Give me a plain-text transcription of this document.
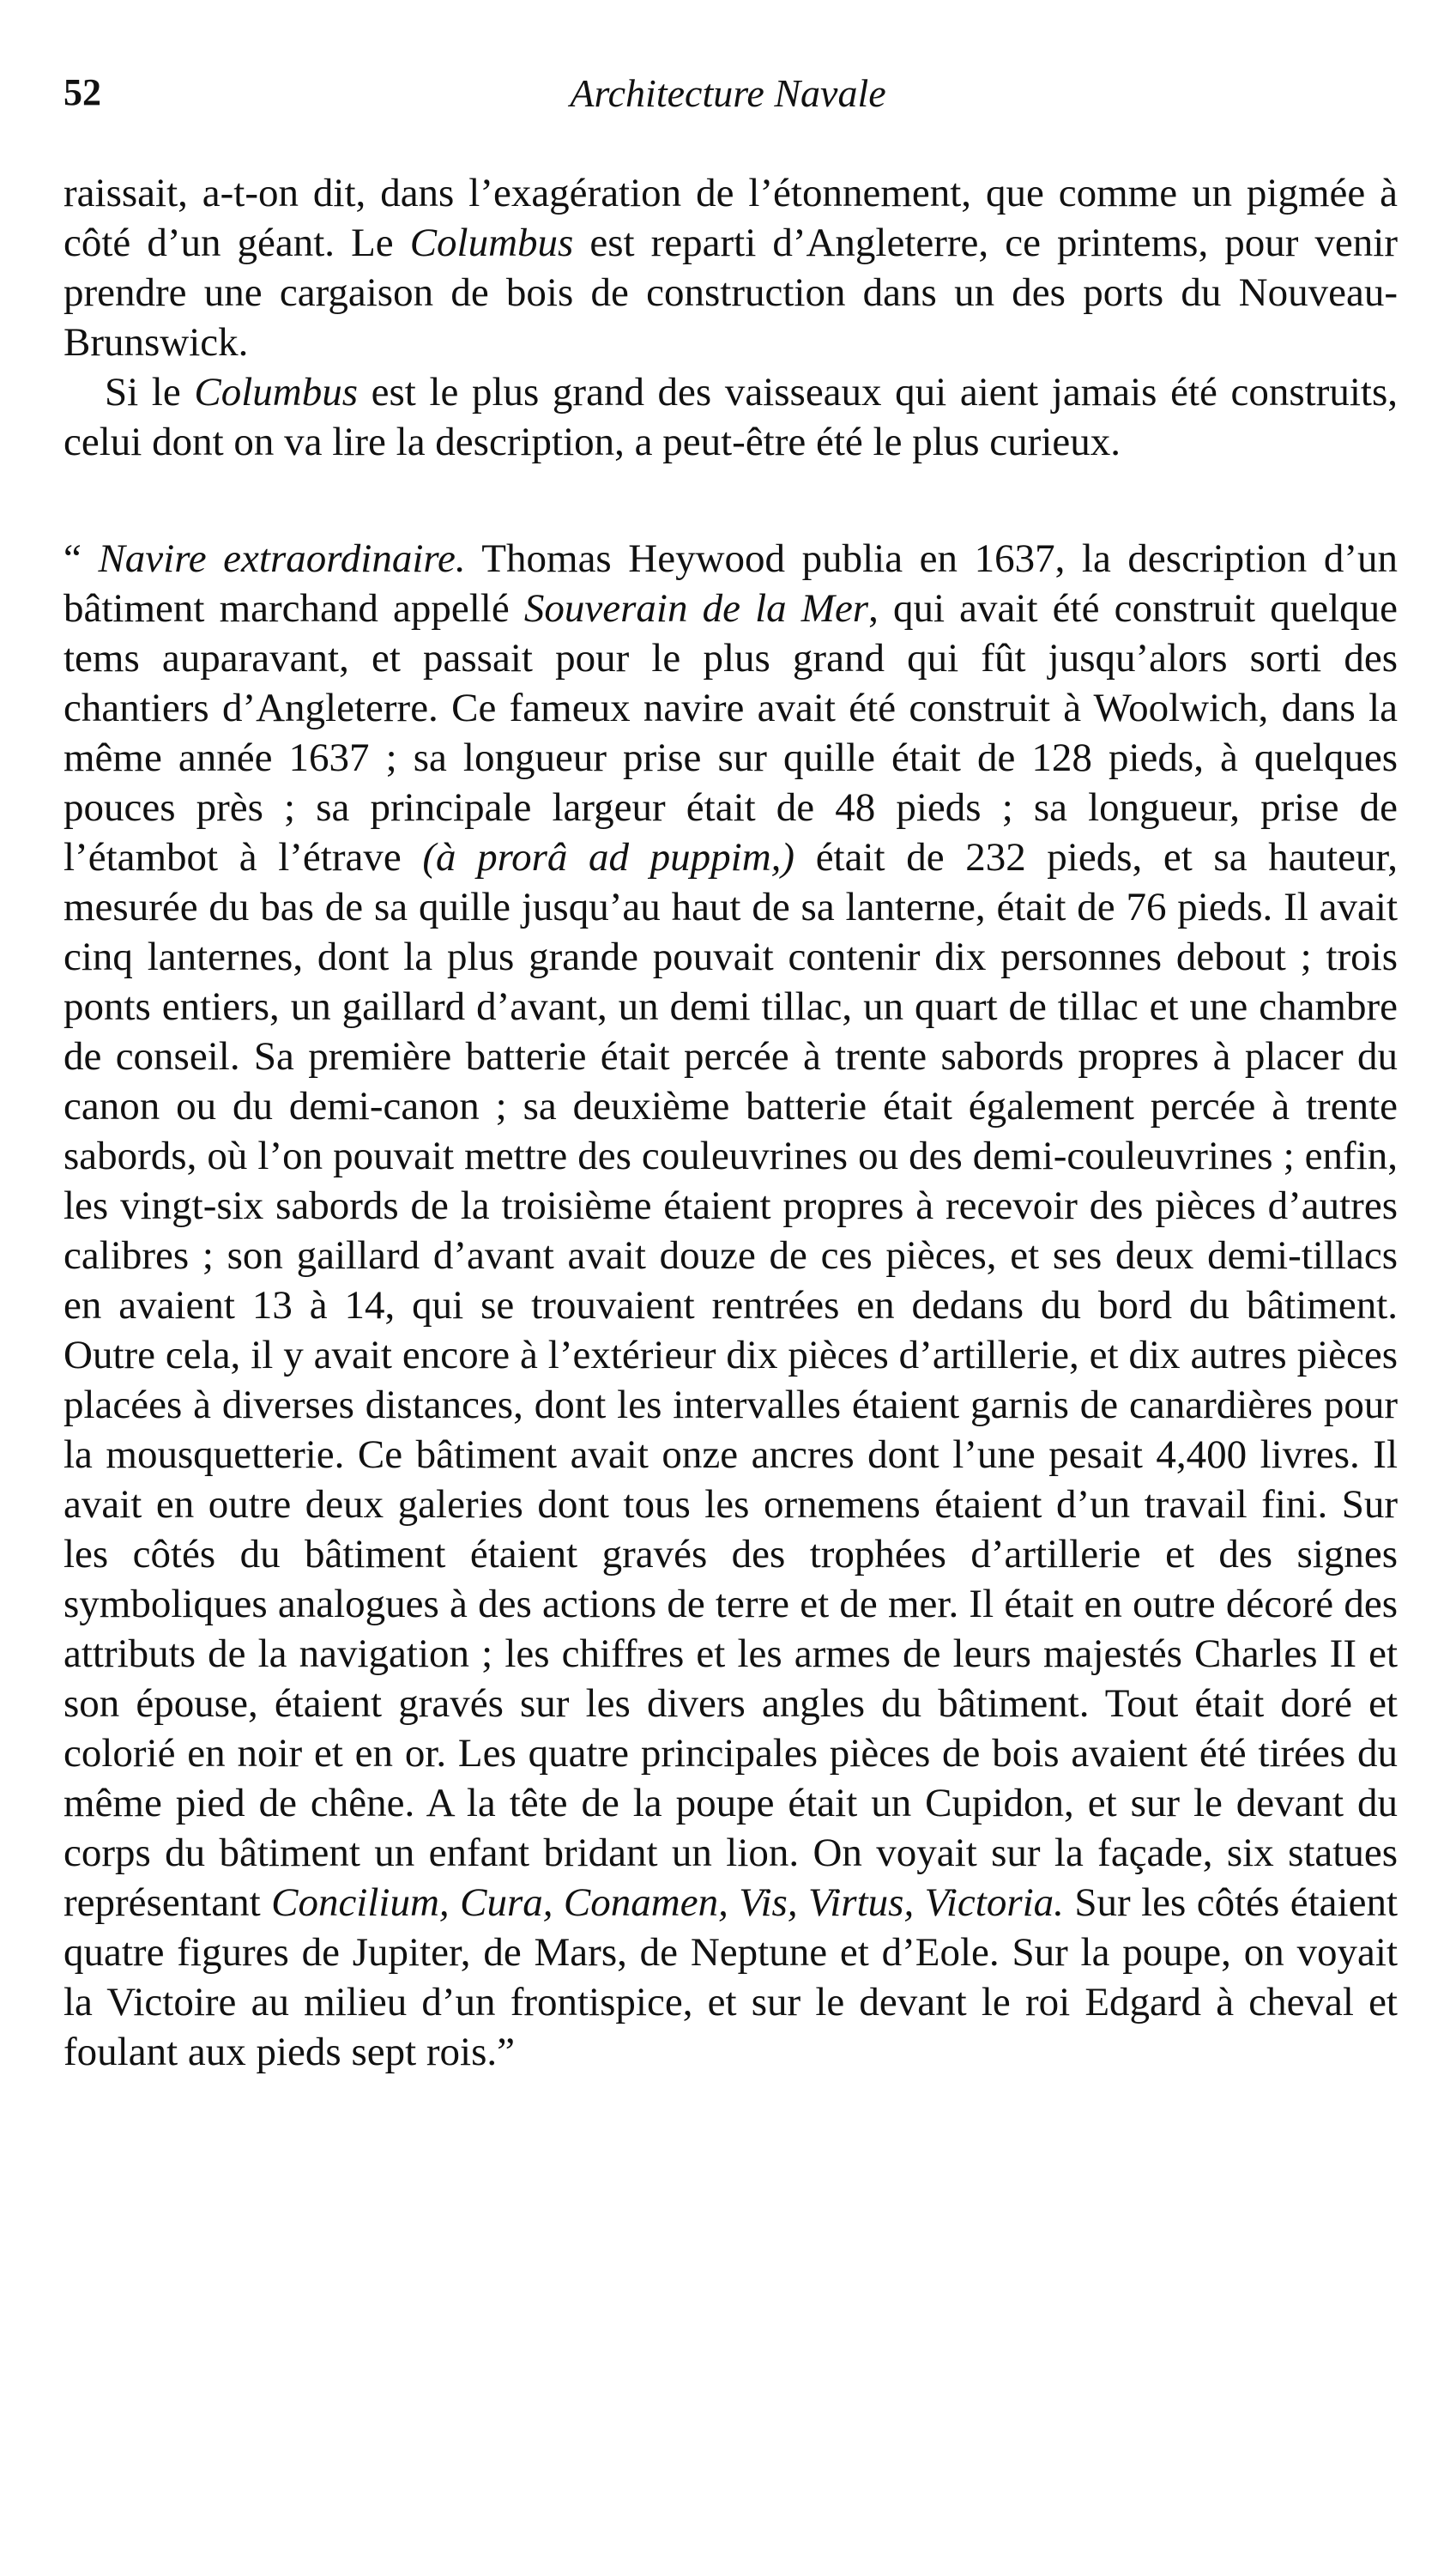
52	Architecture Navale

raissait, a-t-on dit, dans l’exagération de l’étonnement, que comme un pigmée à côté d’un géant. Le Columbus est reparti d’Angleterre, ce printems, pour venir prendre une cargaison de bois de construction dans un des ports du Nouveau-Brunswick.

Si le Columbus est le plus grand des vaisseaux qui aient jamais été construits, celui dont on va lire la description, a peut-être été le plus curieux.

“ Navire extraordinaire. Thomas Heywood publia en 1637, la description d’un bâtiment marchand appellé Souverain de la Mer, qui avait été construit quelque tems auparavant, et passait pour le plus grand qui fût jusqu’alors sorti des chantiers d’Angleterre. Ce fameux navire avait été construit à Woolwich, dans la même année 1637 ; sa longueur prise sur quille était de 128 pieds, à quelques pouces près ; sa principale largeur était de 48 pieds ; sa longueur, prise de l’étambot à l’étrave (à prorâ ad puppim,) était de 232 pieds, et sa hauteur, mesurée du bas de sa quille jusqu’au haut de sa lanterne, était de 76 pieds. Il avait cinq lanternes, dont la plus grande pouvait contenir dix personnes debout ; trois ponts entiers, un gaillard d’avant, un demi tillac, un quart de tillac et une chambre de conseil. Sa première batterie était percée à trente sabords propres à placer du canon ou du demi-canon ; sa deuxième batterie était également percée à trente sabords, où l’on pouvait mettre des couleuvrines ou des demi-couleuvrines ; enfin, les vingt-six sabords de la troisième étaient propres à recevoir des pièces d’autres calibres ; son gaillard d’avant avait douze de ces pièces, et ses deux demi-tillacs en avaient 13 à 14, qui se trouvaient rentrées en dedans du bord du bâtiment. Outre cela, il y avait encore à l’extérieur dix pièces d’artillerie, et dix autres pièces placées à diverses distances, dont les intervalles étaient garnis de canardières pour la mousquetterie. Ce bâtiment avait onze ancres dont l’une pesait 4,400 livres. Il avait en outre deux galeries dont tous les ornemens étaient d’un travail fini. Sur les côtés du bâtiment étaient gravés des trophées d’artillerie et des signes symboliques analogues à des actions de terre et de mer. Il était en outre décoré des attributs de la navigation ; les chiffres et les armes de leurs majestés Charles II et son épouse, étaient gravés sur les divers angles du bâtiment. Tout était doré et colorié en noir et en or. Les quatre principales pièces de bois avaient été tirées du même pied de chêne. A la tête de la poupe était un Cupidon, et sur le devant du corps du bâtiment un enfant bridant un lion. On voyait sur la façade, six statues représentant Concilium, Cura, Conamen, Vis, Virtus, Victoria. Sur les côtés étaient quatre figures de Jupiter, de Mars, de Neptune et d’Eole. Sur la poupe, on voyait la Victoire au milieu d’un frontispice, et sur le devant le roi Edgard à cheval et foulant aux pieds sept rois.”
